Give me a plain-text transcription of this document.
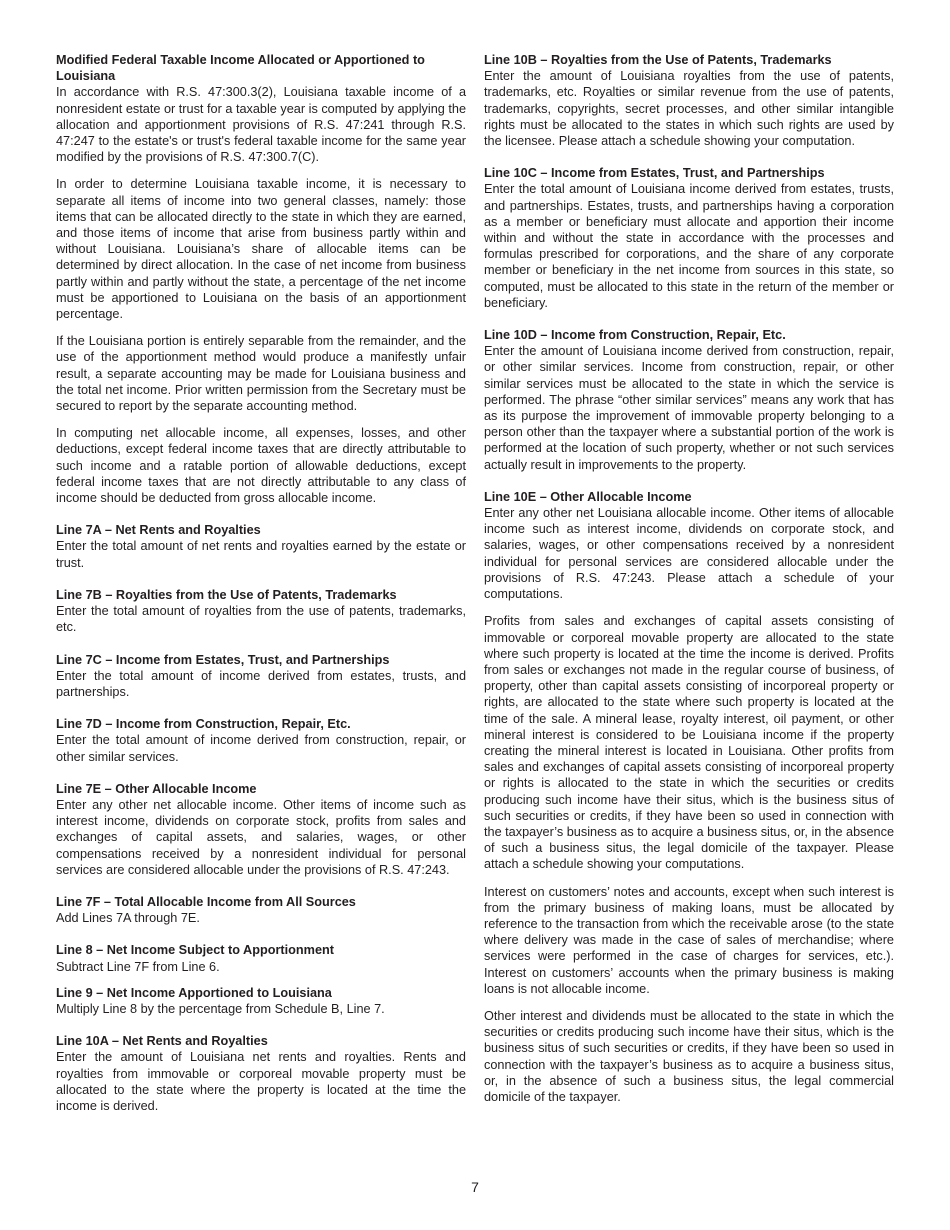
Modified Federal Taxable Income Allocated or Apportioned to Louisiana

In accordance with R.S. 47:300.3(2), Louisiana taxable income of a nonresident estate or trust for a taxable year is computed by applying the allocation and apportionment provisions of R.S. 47:241 through R.S. 47:247 to the estate's or trust's federal taxable income for the same year modified by the provisions of R.S. 47:300.7(C).

In order to determine Louisiana taxable income, it is necessary to separate all items of income into two general classes, namely: those items that can be allocated directly to the state in which they are earned, and those items of income that arise from business partly within and without Louisiana. Louisiana’s share of allocable items can be determined by direct allocation. In the case of net income from business partly within and partly without the state, a percentage of the net income must be apportioned to Louisiana on the basis of an apportionment percentage.

If the Louisiana portion is entirely separable from the remainder, and the use of the apportionment method would produce a manifestly unfair result, a separate accounting may be made for Louisiana business and the total net income. Prior written permission from the Secretary must be secured to report by the separate accounting method.

In computing net allocable income, all expenses, losses, and other deductions, except federal income taxes that are directly attributable to such income and a ratable portion of allowable deductions, except federal income taxes that are not directly attributable to any class of income should be deducted from gross allocable income.

Line 7A – Net Rents and Royalties

Enter the total amount of net rents and royalties earned by the estate or trust.

Line 7B – Royalties from the Use of Patents, Trademarks

Enter the total amount of royalties from the use of patents, trademarks, etc.

Line 7C – Income from Estates, Trust, and Partnerships

Enter the total amount of income derived from estates, trusts, and partnerships.

Line 7D – Income from Construction, Repair, Etc.

Enter the total amount of income derived from construction, repair, or other similar services.

Line 7E – Other Allocable Income

Enter any other net allocable income. Other items of income such as interest income, dividends on corporate stock, profits from sales and exchanges of capital assets, and salaries, wages, or other compensations received by a nonresident individual for personal services are considered allocable under the provisions of R.S. 47:243.

Line 7F – Total Allocable Income from All Sources

Add Lines 7A through 7E.

Line 8 – Net Income Subject to Apportionment

Subtract Line 7F from Line 6.

Line 9 – Net Income Apportioned to Louisiana

Multiply Line 8 by the percentage from Schedule B, Line 7.

Line 10A – Net Rents and Royalties

Enter the amount of Louisiana net rents and royalties. Rents and royalties from immovable or corporeal movable property must be allocated to the state where the property is located at the time the income is derived.

Line 10B – Royalties from the Use of Patents, Trademarks

Enter the amount of Louisiana royalties from the use of patents, trademarks, etc. Royalties or similar revenue from the use of patents, trademarks, copyrights, secret processes, and other similar intangible rights must be allocated to the states in which such rights are used by the licensee. Please attach a schedule showing your computation.

Line 10C – Income from Estates, Trust, and Partnerships

Enter the total amount of Louisiana income derived from estates, trusts, and partnerships. Estates, trusts, and partnerships having a corporation as a member or beneficiary must allocate and apportion their income within and without the state in accordance with the processes and formulas prescribed for corporations, and the share of any corporate member or beneficiary in the net income from sources in this state, so computed, must be allocated to this state in the return of the member or beneficiary.

Line 10D – Income from Construction, Repair, Etc.

Enter the amount of Louisiana income derived from construction, repair, or other similar services. Income from construction, repair, or other similar services must be allocated to the state in which the service is performed. The phrase “other similar services” means any work that has as its purpose the improvement of immovable property belonging to a person other than the taxpayer where a substantial portion of the work is performed at the location of such property, whether or not such services actually result in improvements to the property.

Line 10E – Other Allocable Income

Enter any other net Louisiana allocable income. Other items of allocable income such as interest income, dividends on corporate stock, and salaries, wages, or other compensations received by a nonresident individual for personal services are considered allocable under the provisions of R.S. 47:243. Please attach a schedule of your computations.

Profits from sales and exchanges of capital assets consisting of immovable or corporeal movable property are allocated to the state where such property is located at the time the income is derived. Profits from sales or exchanges not made in the regular course of business, of property, other than capital assets consisting of incorporeal property or rights, are allocated to the state where such property is located at the time of the sale. A mineral lease, royalty interest, oil payment, or other mineral interest is considered to be Louisiana income if the property creating the mineral interest is located in Louisiana. Other profits from sales and exchanges of capital assets consisting of incorporeal property or rights is allocated to the state in which the securities or credits producing such income have their situs, which is the business situs of such securities or credits, if they have been so used in connection with the taxpayer’s business as to acquire a business situs, or, in the absence of such a business situs, the legal domicile of the taxpayer. Please attach a schedule showing your computations.

Interest on customers’ notes and accounts, except when such interest is from the primary business of making loans, must be allocated by reference to the transaction from which the receivable arose (to the state where delivery was made in the case of sales of merchandise; where services were performed in the case of charges for services, etc.). Interest on customers’ accounts when the primary business is making loans is not allocable income.

Other interest and dividends must be allocated to the state in which the securities or credits producing such income have their situs, which is the business situs of such securities or credits, if they have been so used in connection with the taxpayer’s business as to acquire a business situs, or, in the absence of such a business situs, the legal commercial domicile of the taxpayer.

7
